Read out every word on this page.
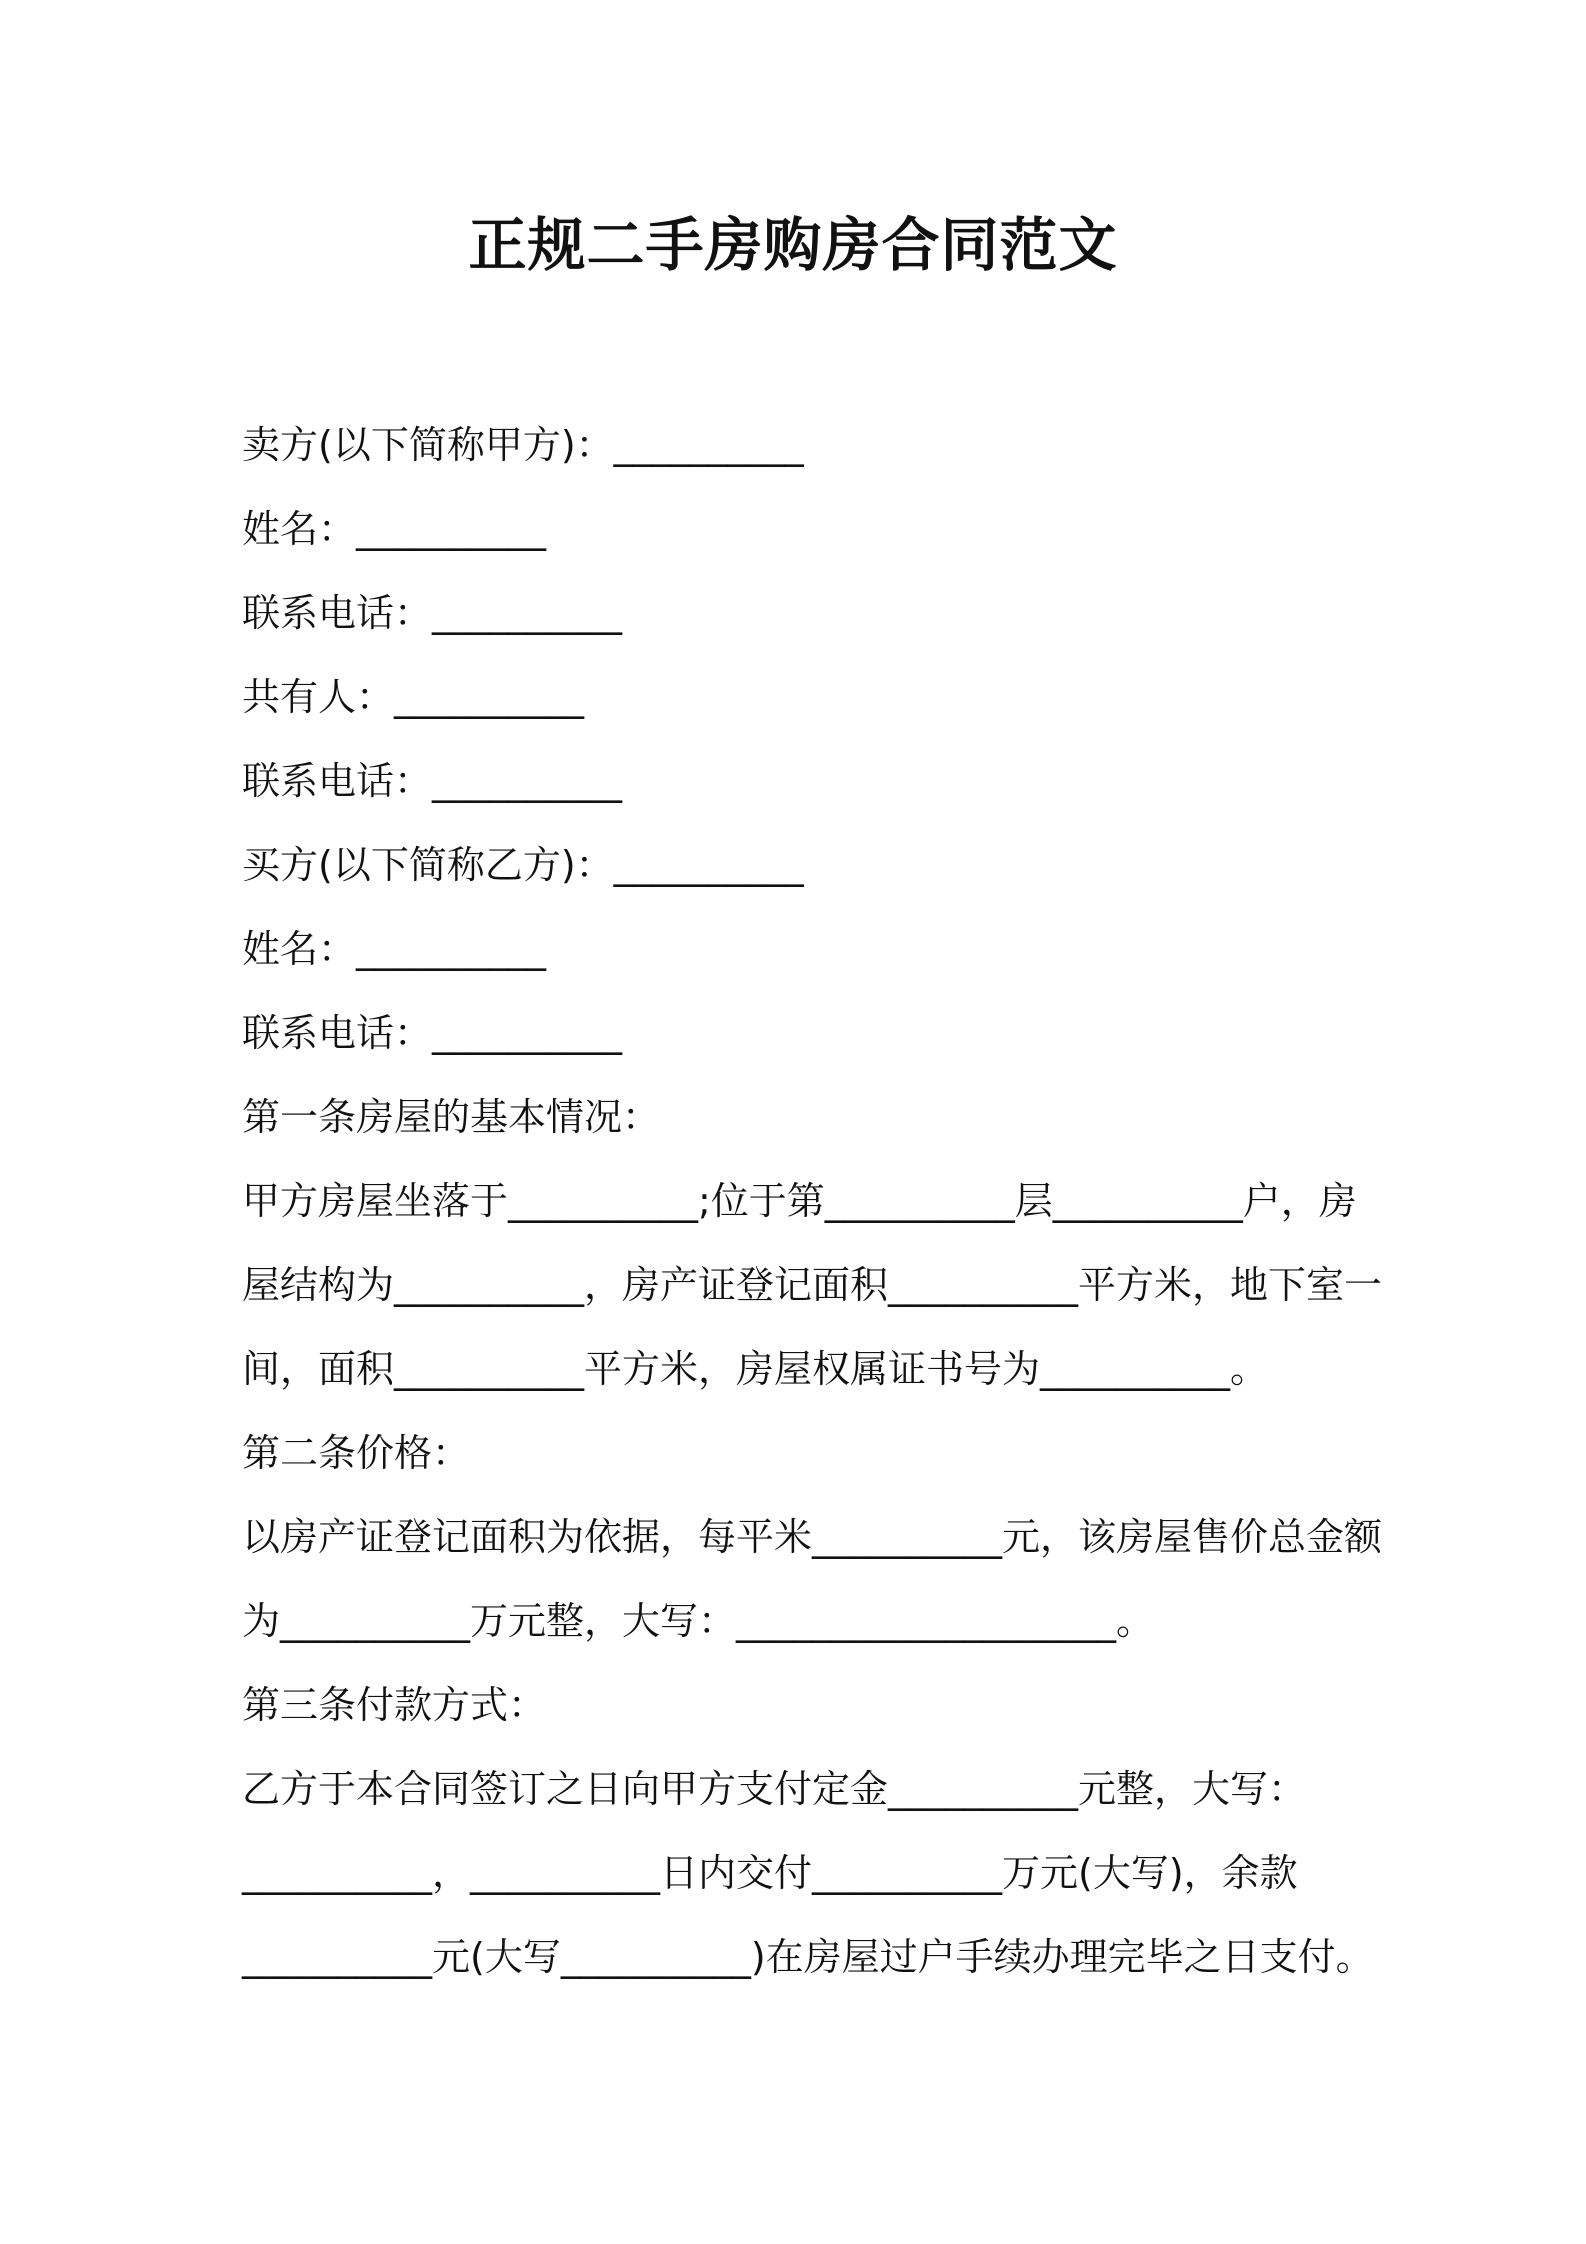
正规二手房购房合同范文

卖方(以下简称甲方)：__________

姓名：__________

联系电话：__________

共有人：__________

联系电话：__________

买方(以下简称乙方)：__________

姓名：__________

联系电话：__________

第一条房屋的基本情况：

甲方房屋坐落于__________;位于第__________层__________户，房

屋结构为__________，房产证登记面积__________平方米，地下室一

间，面积__________平方米，房屋权属证书号为__________。

第二条价格：

以房产证登记面积为依据，每平米__________元，该房屋售价总金额

为__________万元整，大写：____________________。

第三条付款方式：

乙方于本合同签订之日向甲方支付定金__________元整，大写：

__________，__________日内交付__________万元(大写)，余款

__________元(大写__________)在房屋过户手续办理完毕之日支付。
